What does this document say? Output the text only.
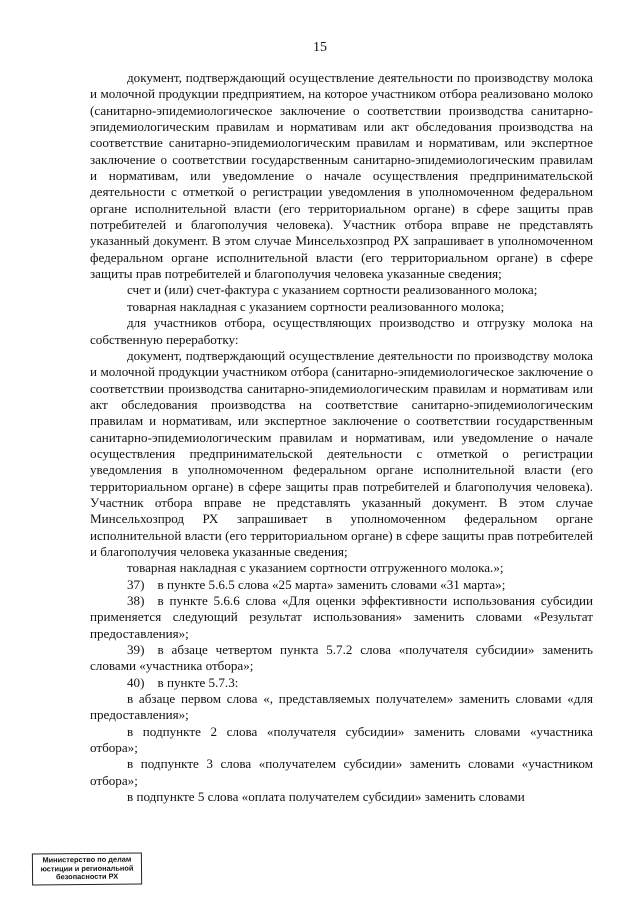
15

документ, подтверждающий осуществление деятельности по производству молока и молочной продукции предприятием, на которое участником отбора реализовано молоко (санитарно-эпидемиологическое заключение о соответствии производства санитарно-эпидемиологическим правилам и нормативам или акт обследования производства на соответствие санитарно-эпидемиологическим правилам и нормативам, или экспертное заключение о соответствии государственным санитарно-эпидемиологическим правилам и нормативам, или уведомление о начале осуществления предпринимательской деятельности с отметкой о регистрации уведомления в уполномоченном федеральном органе исполнительной власти (его территориальном органе) в сфере защиты прав потребителей и благополучия человека). Участник отбора вправе не представлять указанный документ. В этом случае Минсельхозпрод РХ запрашивает в уполномоченном федеральном органе исполнительной власти (его территориальном органе) в сфере защиты прав потребителей и благополучия человека указанные сведения;

счет и (или) счет-фактура с указанием сортности реализованного молока;

товарная накладная с указанием сортности реализованного молока;

для участников отбора, осуществляющих производство и отгрузку молока на собственную переработку:

документ, подтверждающий осуществление деятельности по производству молока и молочной продукции участником отбора (санитарно-эпидемиологическое заключение о соответствии производства санитарно-эпидемиологическим правилам и нормативам или акт обследования производства на соответствие санитарно-эпидемиологическим правилам и нормативам, или экспертное заключение о соответствии государственным санитарно-эпидемиологическим правилам и нормативам, или уведомление о начале осуществления предпринимательской деятельности с отметкой о регистрации уведомления в уполномоченном федеральном органе исполнительной власти (его территориальном органе) в сфере защиты прав потребителей и благополучия человека). Участник отбора вправе не представлять указанный документ. В этом случае Минсельхозпрод РХ запрашивает в уполномоченном федеральном органе исполнительной власти (его территориальном органе) в сфере защиты прав потребителей и благополучия человека указанные сведения;

товарная накладная с указанием сортности отгруженного молока.»;

37) в пункте 5.6.5 слова «25 марта» заменить словами «31 марта»;

38) в пункте 5.6.6 слова «Для оценки эффективности использования субсидии применяется следующий результат использования» заменить словами «Результат предоставления»;

39) в абзаце четвертом пункта 5.7.2 слова «получателя субсидии» заменить словами «участника отбора»;

40) в пункте 5.7.3:

в абзаце первом слова «, представляемых получателем» заменить словами «для предоставления»;

в подпункте 2 слова «получателя субсидии» заменить словами «участника отбора»;

в подпункте 3 слова «получателем субсидии» заменить словами «участником отбора»;

в подпункте 5 слова «оплата получателем субсидии» заменить словами

Министерство по делам
юстиции и региональной
безопасности РХ
